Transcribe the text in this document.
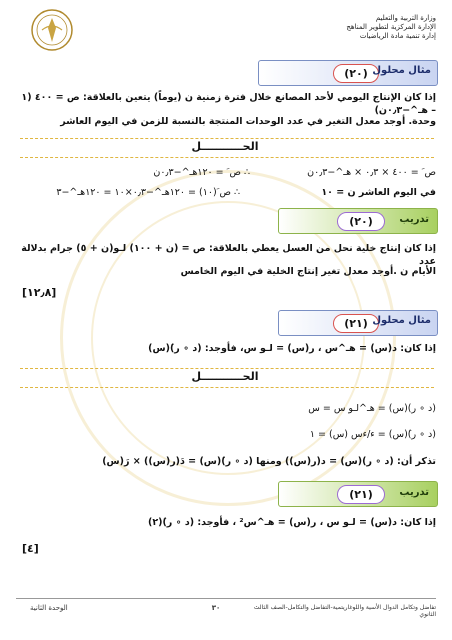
وزارة التربية والتعليم
الإدارة المركزية لتطوير المناهج
إدارة تنمية مادة الرياضيات
(٢٠) مثال محلول
إذا كان الإنتاج اليومي لأحد المصانع خلال فترة زمنية ن (يوماً) يتعين بالعلاقة: ص = ٤٠٠ (١ – هـ^−٠٫٣ن)
وحدة. أوجد معدل التغير في عدد الوحدات المنتجة بالنسبة للزمن في اليوم العاشر
الحـــــــــــل
ص َ = ٤٠٠ × ٠٫٣ × هـ^−٠٫٣ن
∴ ص َ = ١٢٠هـ^−٠٫٣ن
في اليوم العاشر ن = ١٠
∴ ص َ(١٠) = ١٢٠هـ^−٠٫٣×١٠ = ١٢٠هـ^−٣
(٢٠)	تدريب
إذا كان إنتاج خلية نحل من العسل يعطي بالعلاقة: ص = (ن + ١٠٠) لـو(ن + ٥) جرام بدلالة عدد
الأيام ن .أوجد معدل تغير إنتاج الخلية في اليوم الخامس
[١٢٫٨]
(٢١) مثال محلول
إذا كان: د(س) = هـ^س ، ر(س) = لـو س، فأوجد: (د ∘ ر)َ(س)
الحـــــــــــل
(د ∘ ر)(س) = هـ^لـو س = س
(د ∘ ر)َ(س) = ء/ءس (س) = ١
تذكر أن: (د ∘ ر)(س) = د(ر(س)) ومنها (د ∘ ر)َ(س) = دَ(ر(س)) × رَ(س)
(٢١)	تدريب
إذا كان: د(س) = لـو س ، ر(س) = هـ^س² ، فأوجد: (د ∘ ر)َ(٢)
[٤]
الوحدة الثانية	٣٠	تفاضل وتكامل الدوال الأسية واللوغاريتمية-التفاضل والتكامل-الصف الثالث الثانوي
